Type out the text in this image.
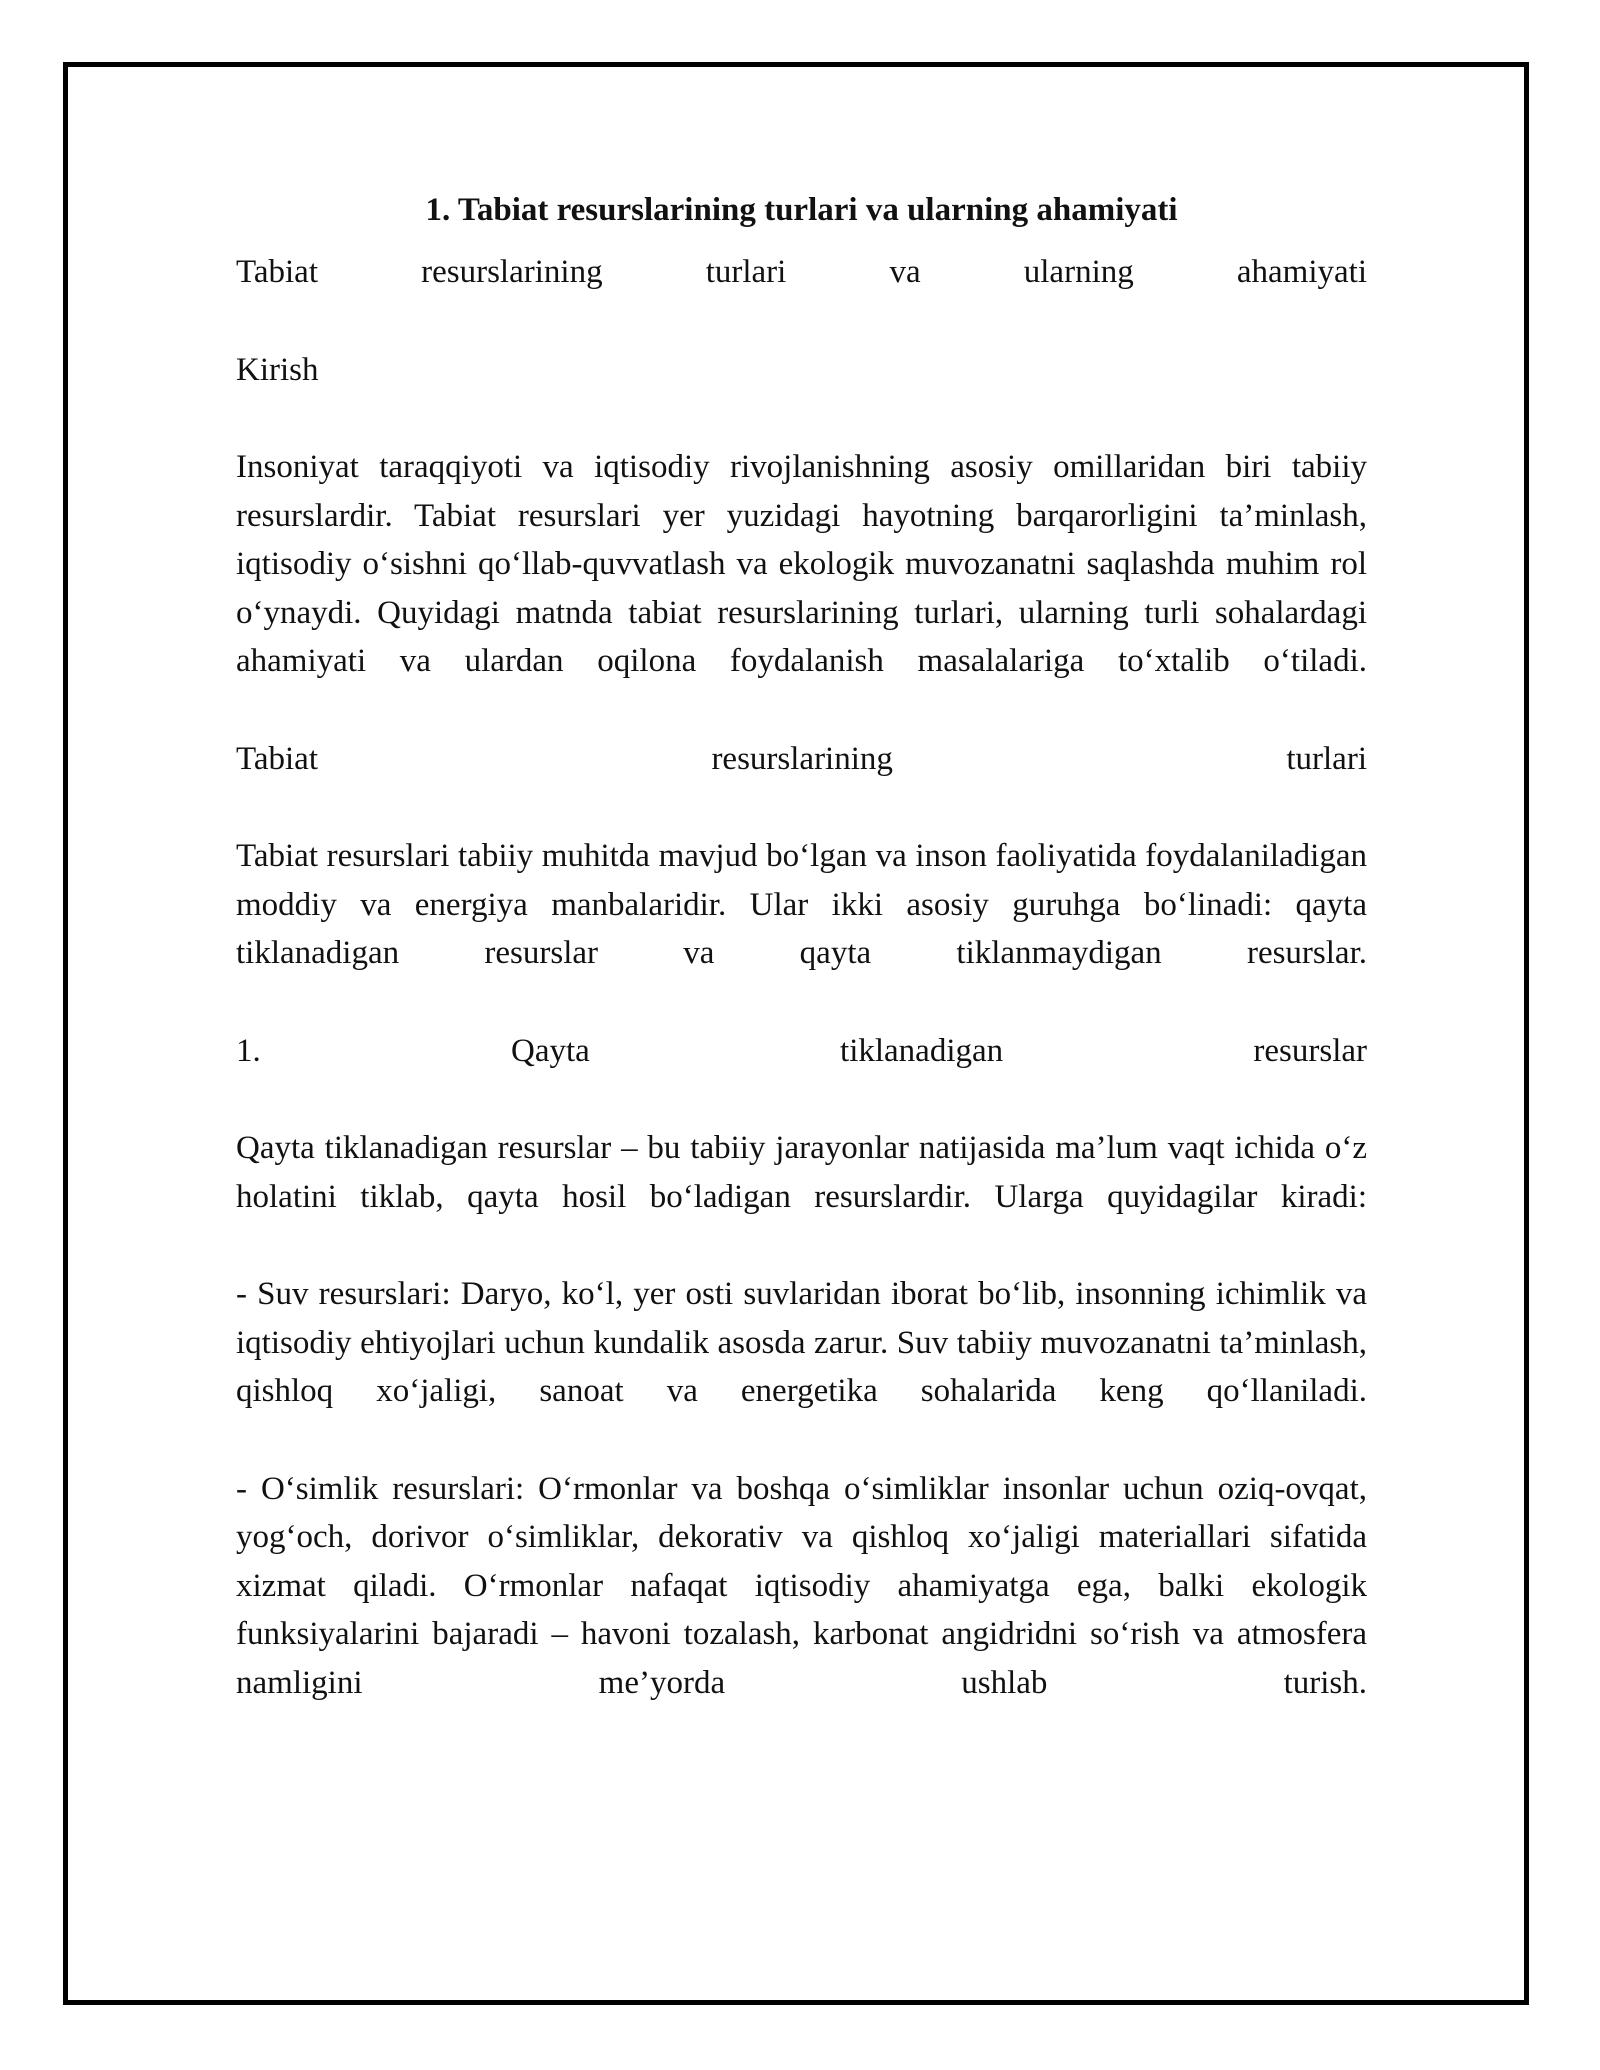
1. Tabiat resurslarining turlari va ularning ahamiyati

Tabiat resurslarining turlari va ularning ahamiyati

Kirish

Insoniyat taraqqiyoti va iqtisodiy rivojlanishning asosiy omillaridan biri tabiiy resurslardir. Tabiat resurslari yer yuzidagi hayotning barqarorligini ta’minlash, iqtisodiy o‘sishni qo‘llab-quvvatlash va ekologik muvozanatni saqlashda muhim rol o‘ynaydi. Quyidagi matnda tabiat resurslarining turlari, ularning turli sohalardagi ahamiyati va ulardan oqilona foydalanish masalalariga to‘xtalib o‘tiladi.

Tabiat resurslarining turlari

Tabiat resurslari tabiiy muhitda mavjud bo‘lgan va inson faoliyatida foydalaniladigan moddiy va energiya manbalaridir. Ular ikki asosiy guruhga bo‘linadi: qayta tiklanadigan resurslar va qayta tiklanmaydigan resurslar.

1. Qayta tiklanadigan resurslar

Qayta tiklanadigan resurslar – bu tabiiy jarayonlar natijasida ma’lum vaqt ichida o‘z holatini tiklab, qayta hosil bo‘ladigan resurslardir. Ularga quyidagilar kiradi:

- Suv resurslari: Daryo, ko‘l, yer osti suvlaridan iborat bo‘lib, insonning ichimlik va iqtisodiy ehtiyojlari uchun kundalik asosda zarur. Suv tabiiy muvozanatni ta’minlash, qishloq xo‘jaligi, sanoat va energetika sohalarida keng qo‘llaniladi.

- O‘simlik resurslari: O‘rmonlar va boshqa o‘simliklar insonlar uchun oziq-ovqat, yog‘och, dorivor o‘simliklar, dekorativ va qishloq xo‘jaligi materiallari sifatida xizmat qiladi. O‘rmonlar nafaqat iqtisodiy ahamiyatga ega, balki ekologik funksiyalarini bajaradi – havoni tozalash, karbonat angidridni so‘rish va atmosfera namligini me’yorda ushlab turish.
